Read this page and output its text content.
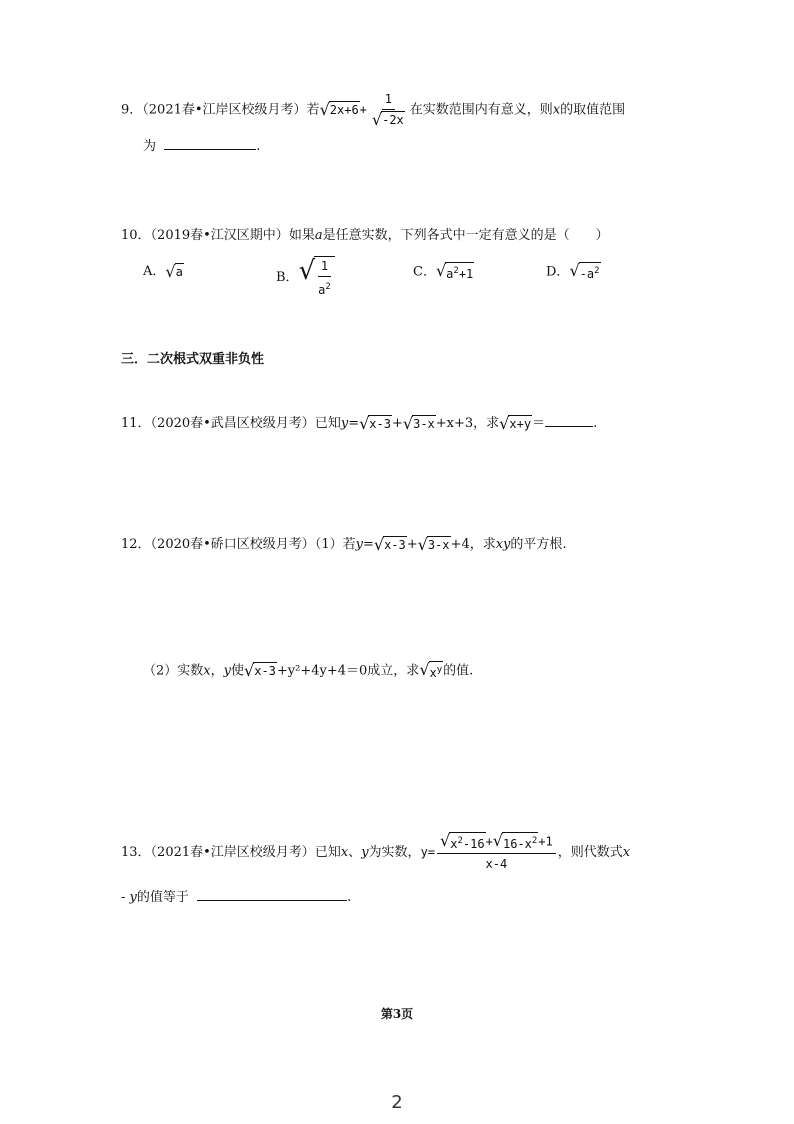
9．（2021春•江岸区校级月考）若 √ $2x+6 + \frac{1}{√ -2x}$ 在实数范围内有意义，则x的取值范围
为	.
10．（2019春•江汉区期中）如果a是任意实数，下列各式中一定有意义的是（　　）
A． √ a	B． √ $\frac{1}{a^2}$	C． √ $a^2+1$	D． √ $-a^2$
三．二次根式双重非负性
11．（2020春•武昌区校级月考）已知y= √ x-3 + √ 3-x +x+3，求 √ x+y ＝	.
12．（2020春•硚口区校级月考）（1）若y= √ x-3 + √ 3-x +4，求xy的平方根.
（2）实数x，y使 √ x-3 +y²+4y+4＝0成立，求 √ $x^y$ 的值.
13．（2021春•江岸区校级月考）已知x、y为实数，$y= \frac{√ x^2-16 + √ 16-x^2 +1}{x-4}$ ，则代数式x
- y的值等于	.
第3页
2
